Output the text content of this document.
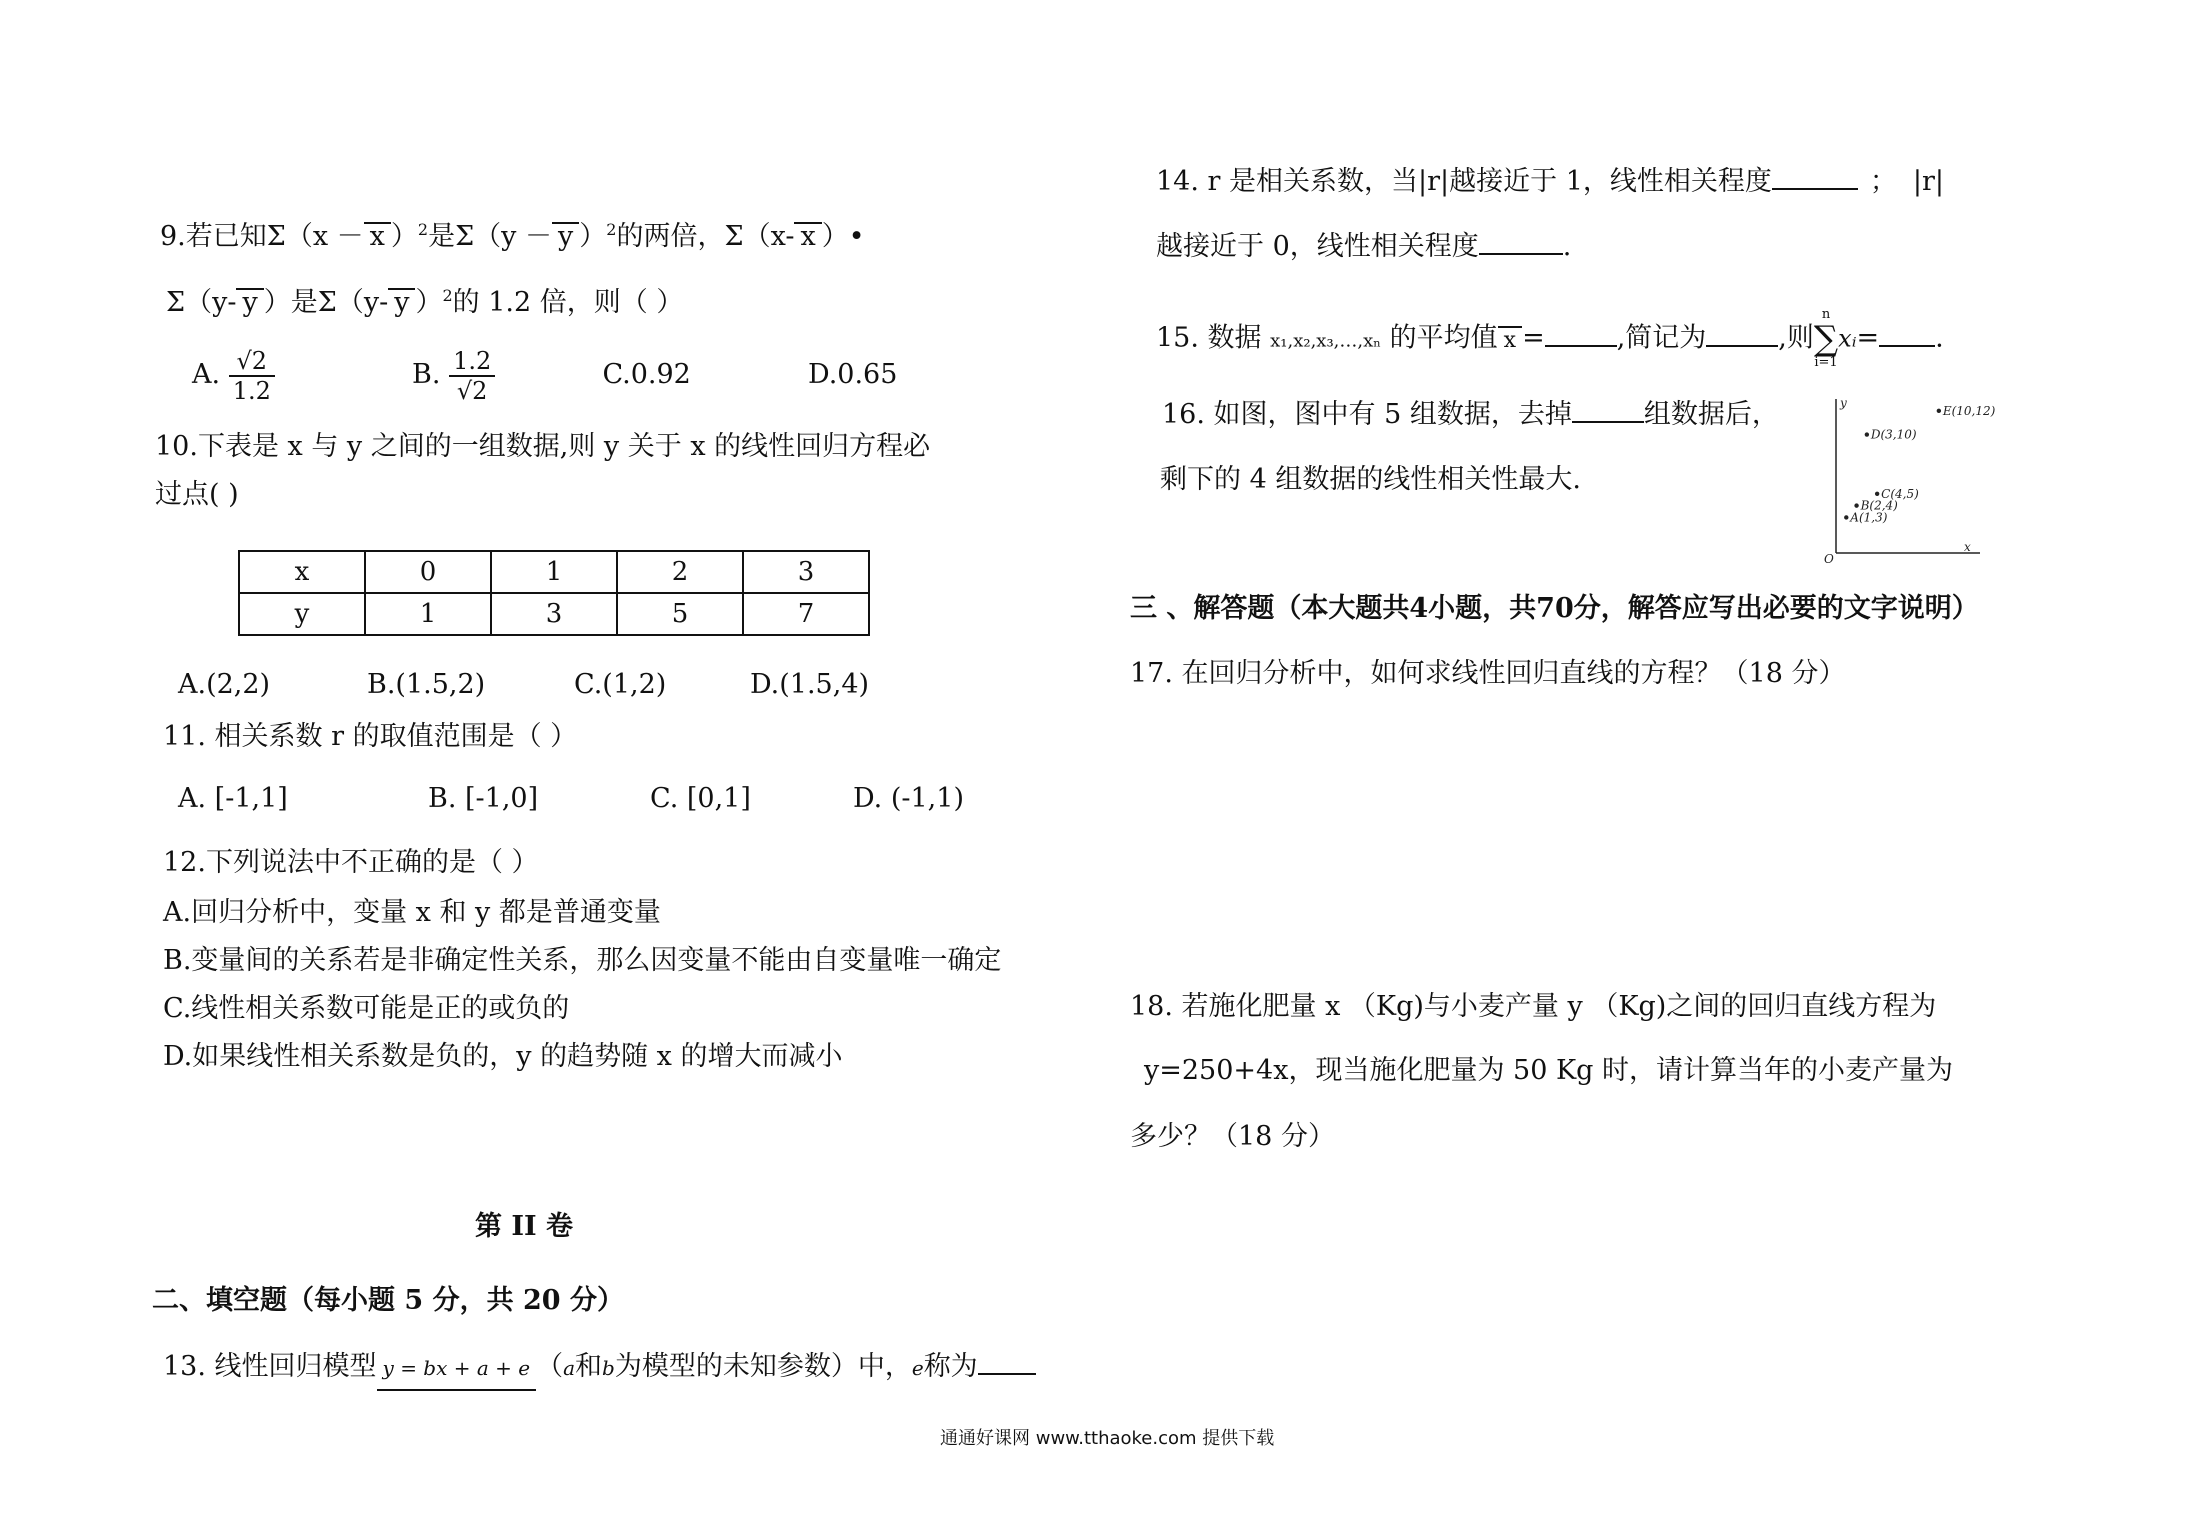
9.若已知Σ（x － x ）$^2$是Σ（y － y ）$^2$的两倍，Σ（x- x ）•
Σ（y- y ）是Σ（y- y ）$^2$的 1.2 倍，则（ ）
A. $\frac{√2}{1.2}$	B. $\frac{1.2}{√2}$	C.0.92	D.0.65
10.下表是 x 与 y 之间的一组数据,则 y 关于 x 的线性回归方程必
过点( )
x	0	1	2	3
y	1	3	5	7
A.(2,2)	B.(1.5,2)	C.(1,2)	D.(1.5,4)
11. 相关系数 r 的取值范围是（ ）
A. [-1,1]	B. [-1,0]	C. [0,1]	D. (-1,1)
12.下列说法中不正确的是（ ）
A.回归分析中，变量 x 和 y 都是普通变量
B.变量间的关系若是非确定性关系，那么因变量不能由自变量唯一确定
C.线性相关系数可能是正的或负的
D.如果线性相关系数是负的，y 的趋势随 x 的增大而减小
第 II 卷
二、填空题（每小题 5 分，共 20 分）
13. 线性回归模型 y = bx + a + e （a和b为模型的未知参数）中，e称为
14. r 是相关系数，当|r|越接近于 1，线性相关程度	； |r|
越接近于 0，线性相关程度	.
15. 数据 x₁,x₂,x₃,…,xₙ 的平均值 x =	,简记为	,则
n
∑
i=1
xᵢ= .
16. 如图，图中有 5 组数据，去掉	组数据后，
剩下的 4 组数据的线性相关性最大.
y
x
O
A(1,3)
B(2,4)
C(4,5)
D(3,10)
E(10,12)
三 、解答题（本大题共4小题，共70分，解答应写出必要的文字说明）
17. 在回归分析中，如何求线性回归直线的方程？（18 分）
18. 若施化肥量 x （Kg)与小麦产量 y （Kg)之间的回归直线方程为
y=250+4x，现当施化肥量为 50 Kg 时，请计算当年的小麦产量为
多少？（18 分）
通通好课网 www.tthaoke.com 提供下载
